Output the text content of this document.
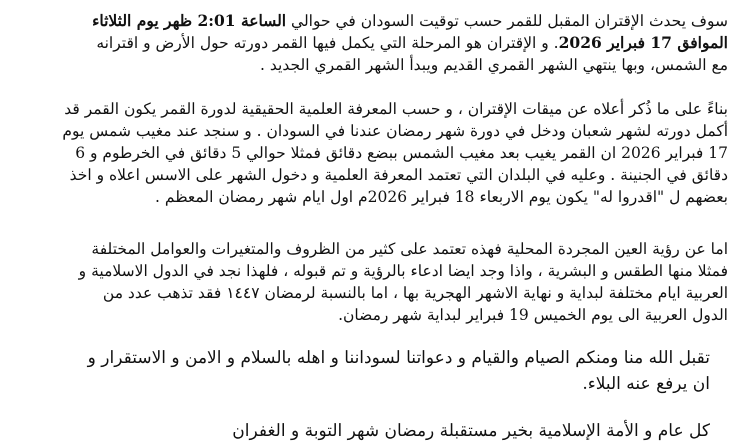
سوف يحدث الإقتران المقبل للقمر حسب توقيت السودان في حوالي الساعة 2:01 ظهر يوم الثلاثاء
الموافق 17 فبراير 2026. و الإقتران هو المرحلة التي يكمل فيها القمر دورته حول الأرض و اقترانه
مع الشمس، وبها ينتهي الشهر القمري القديم ويبدأ الشهر القمري الجديد .

بناءً على ما ذُكر أعلاه عن ميقات الإقتران ، و حسب المعرفة العلمية الحقيقية لدورة القمر يكون القمر قد
أكمل دورته لشهر شعبان ودخل في دورة شهر رمضان عندنا في السودان . و سنجد عند مغيب شمس يوم
17 فبراير 2026 ان القمر يغيب بعد مغيب الشمس ببضع دقائق فمثلا حوالي 5 دقائق في الخرطوم و 6
دقائق في الجنينة . وعليه في البلدان التي تعتمد المعرفة العلمية و دخول الشهر على الاسس اعلاه و اخذ
بعضهم ل "اقدروا له" يكون يوم الاربعاء 18 فبراير 2026م اول ايام شهر رمضان المعظم .

اما عن رؤية العين المجردة المحلية فهذه تعتمد على كثير من الظروف والمتغيرات والعوامل المختلفة
فمثلا منها الطقس و البشرية ، واذا وجد ايضا ادعاء بالرؤية و تم قبوله ، فلهذا نجد في الدول الاسلامية و
العربية ايام مختلفة لبداية و نهاية الاشهر الهجرية بها ، اما بالنسبة لرمضان ١٤٤٧ فقد تذهب عدد من
الدول العربية الى يوم الخميس 19 فبراير لبداية شهر رمضان.

تقبل الله منا ومنكم الصيام والقيام و دعواتنا لسوداننا و اهله بالسلام و الامن و الاستقرار و
ان يرفع عنه البلاء.

كل عام و الأمة الإسلامية بخير مستقبلة رمضان شهر التوبة و الغفران
